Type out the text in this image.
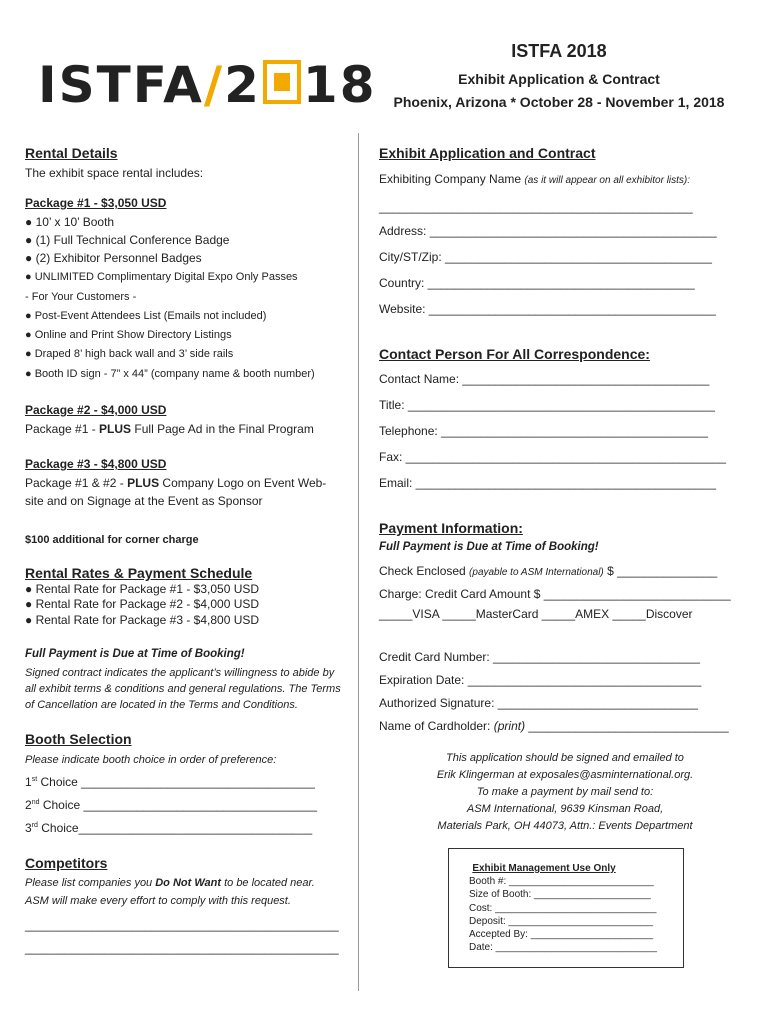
ISTFA/2 18
ISTFA 2018
Exhibit Application & Contract
Phoenix, Arizona * October 28 - November 1, 2018
Rental Details
The exhibit space rental includes:
Package #1 - $3,050 USD
● 10’ x 10’ Booth
● (1) Full Technical Conference Badge
● (2) Exhibitor Personnel Badges
● UNLIMITED Complimentary Digital Expo Only Passes
- For Your Customers -
● Post-Event Attendees List (Emails not included)
● Online and Print Show Directory Listings
● Draped 8’ high back wall and 3’ side rails
● Booth ID sign - 7” x 44” (company name & booth number)
Package #2 - $4,000 USD
Package #1 - PLUS Full Page Ad in the Final Program
Package #3 - $4,800 USD
Package #1 & #2 - PLUS Company Logo on Event Web-
site and on Signage at the Event as Sponsor
$100 additional for corner charge
Rental Rates & Payment Schedule
● Rental Rate for Package #1 - $3,050 USD
● Rental Rate for Package #2 - $4,000 USD
● Rental Rate for Package #3 - $4,800 USD
Full Payment is Due at Time of Booking!
Signed contract indicates the applicant’s willingness to abide by
all exhibit terms & conditions and general regulations. The Terms
of Cancellation are located in the Terms and Conditions.
Booth Selection
Please indicate booth choice in order of preference:
1st Choice ___________________________________
2nd Choice ___________________________________
3rd Choice___________________________________
Competitors
Please list companies you Do Not Want to be located near.
ASM will make every effort to comply with this request.
_______________________________________________
_______________________________________________
Exhibit Application and Contract
Exhibiting Company Name (as it will appear on all exhibitor lists):
_______________________________________________
Address: ___________________________________________
City/ST/Zip: ________________________________________
Country: ________________________________________
Website: ___________________________________________
Contact Person For All Correspondence:
Contact Name: _____________________________________
Title: ______________________________________________
Telephone: ________________________________________
Fax: ________________________________________________
Email: _____________________________________________
Payment Information:
Full Payment is Due at Time of Booking!
Check Enclosed (payable to ASM International) $ _______________
Charge: Credit Card Amount $ ____________________________
_____VISA _____MasterCard _____AMEX _____Discover
Credit Card Number: _______________________________
Expiration Date: ___________________________________
Authorized Signature: ______________________________
Name of Cardholder: (print) ______________________________
This application should be signed and emailed to
Erik Klingerman at exposales@asminternational.org.
To make a payment by mail send to:
ASM International, 9639 Kinsman Road,
Materials Park, OH 44073, Attn.: Events Department
Exhibit Management Use Only
Booth #: __________________________
Size of Booth: _____________________
Cost: _____________________________
Deposit: __________________________
Accepted By: ______________________
Date: _____________________________
